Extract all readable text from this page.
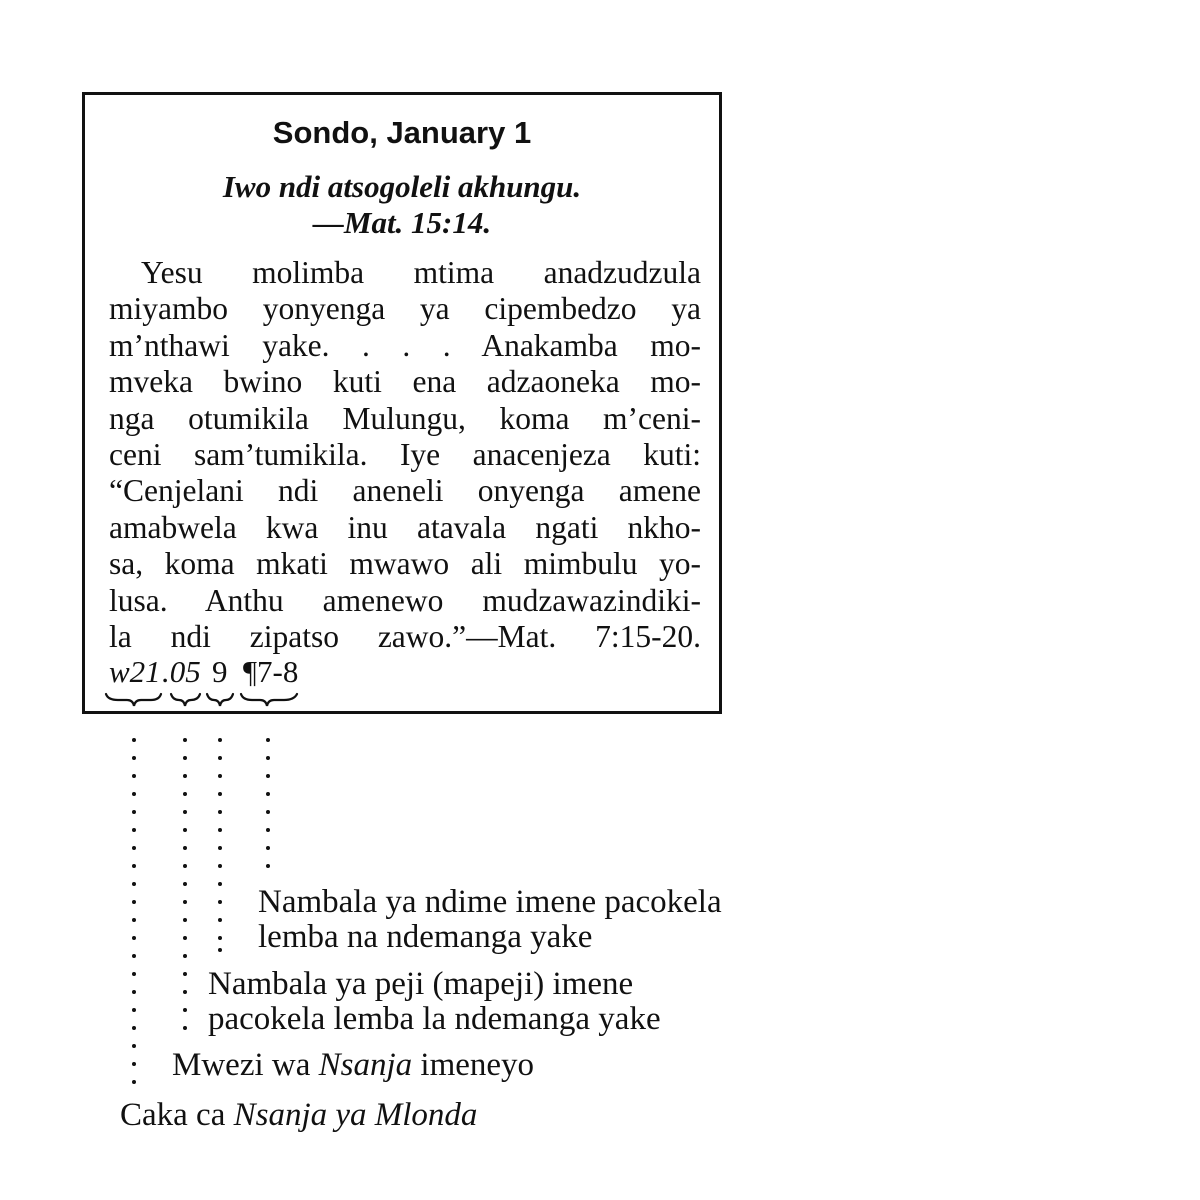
Sondo, January 1
Iwo ndi atsogoleli akhungu.
—Mat. 15:14.
Yesu molimba mtima anadzudzula
miyambo yonyenga ya cipembedzo ya
m’nthawi yake. . . . Anakamba mo-
mveka bwino kuti ena adzaoneka mo-
nga otumikila Mulungu, koma m’ceni-
ceni sam’tumikila. Iye anacenjeza kuti:
“Cenjelani ndi aneneli onyenga amene
amabwela kwa inu atavala ngati nkho-
sa, koma mkati mwawo ali mimbulu yo-
lusa. Anthu amenewo mudzawazindiki-
la ndi zipatso zawo.”—Mat. 7:15-20.
w21 .05 9 ¶7-8
Nambala ya ndime imene pacokela
lemba na ndemanga yake
Nambala ya peji (mapeji) imene
pacokela lemba la ndemanga yake
Mwezi wa Nsanja imeneyo
Caka ca Nsanja ya Mlonda
